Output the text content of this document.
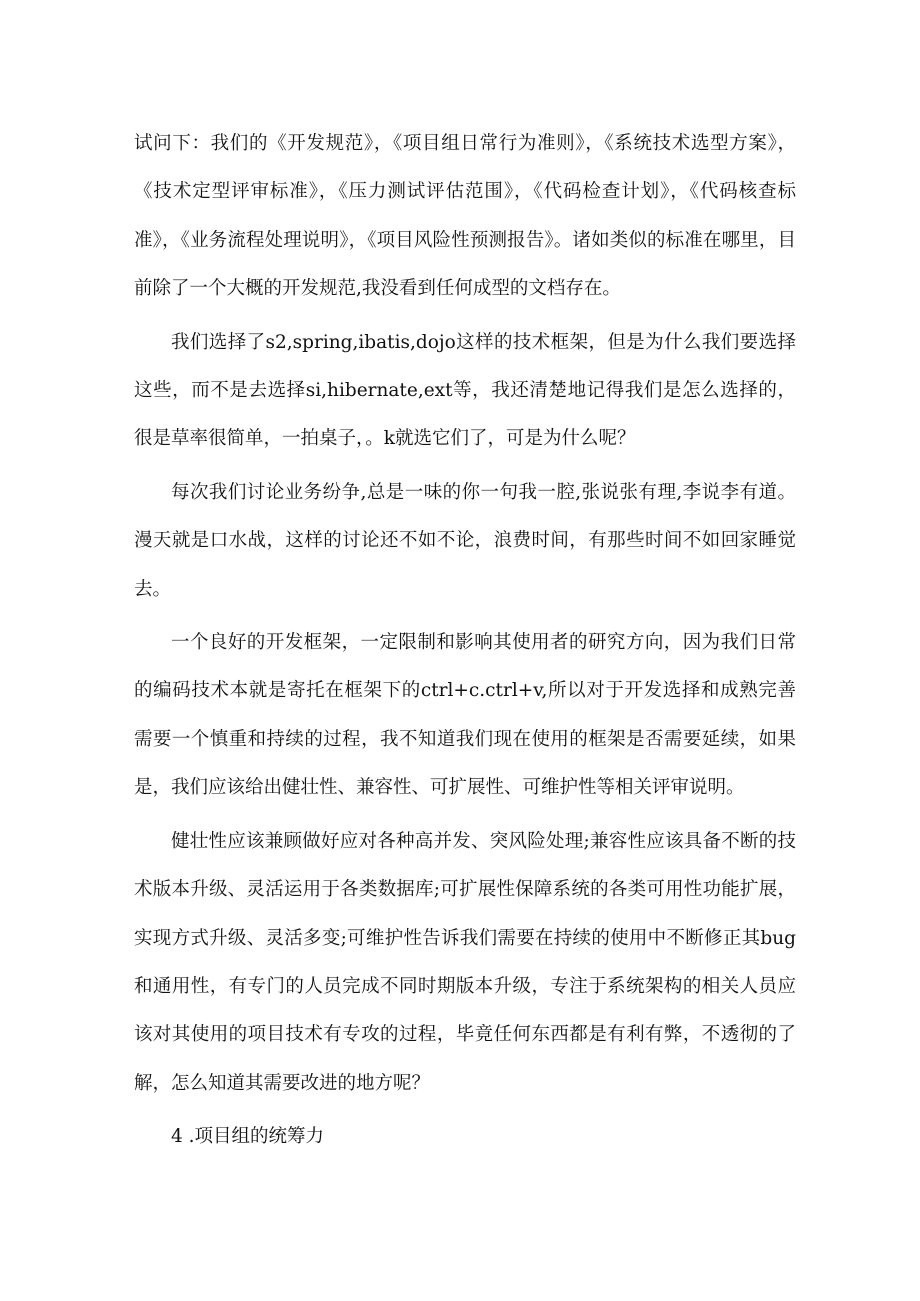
试问下：我们的《开发规范》，《项目组日常行为准则》，《系统技术选型方案》，《技术定型评审标准》，《压力测试评估范围》，《代码检查计划》，《代码核查标准》，《业务流程处理说明》，《项目风险性预测报告》。诸如类似的标准在哪里，目前除了一个大概的开发规范,我没看到任何成型的文档存在。

我们选择了s2,spring,ibatis,dojo这样的技术框架，但是为什么我们要选择这些，而不是去选择si,hibernate,ext等，我还清楚地记得我们是怎么选择的，很是草率很简单，一拍桌子，。k就选它们了，可是为什么呢？

每次我们讨论业务纷争,总是一味的你一句我一腔,张说张有理,李说李有道。漫天就是口水战，这样的讨论还不如不论，浪费时间，有那些时间不如回家睡觉去。

一个良好的开发框架，一定限制和影响其使用者的研究方向，因为我们日常的编码技术本就是寄托在框架下的ctrl+c.ctrl+v,所以对于开发选择和成熟完善需要一个慎重和持续的过程，我不知道我们现在使用的框架是否需要延续，如果是，我们应该给出健壮性、兼容性、可扩展性、可维护性等相关评审说明。

健壮性应该兼顾做好应对各种高并发、突风险处理;兼容性应该具备不断的技术版本升级、灵活运用于各类数据库;可扩展性保障系统的各类可用性功能扩展，实现方式升级、灵活多变;可维护性告诉我们需要在持续的使用中不断修正其bug和通用性，有专门的人员完成不同时期版本升级，专注于系统架构的相关人员应该对其使用的项目技术有专攻的过程，毕竟任何东西都是有利有弊，不透彻的了解，怎么知道其需要改进的地方呢？

4 .项目组的统筹力
